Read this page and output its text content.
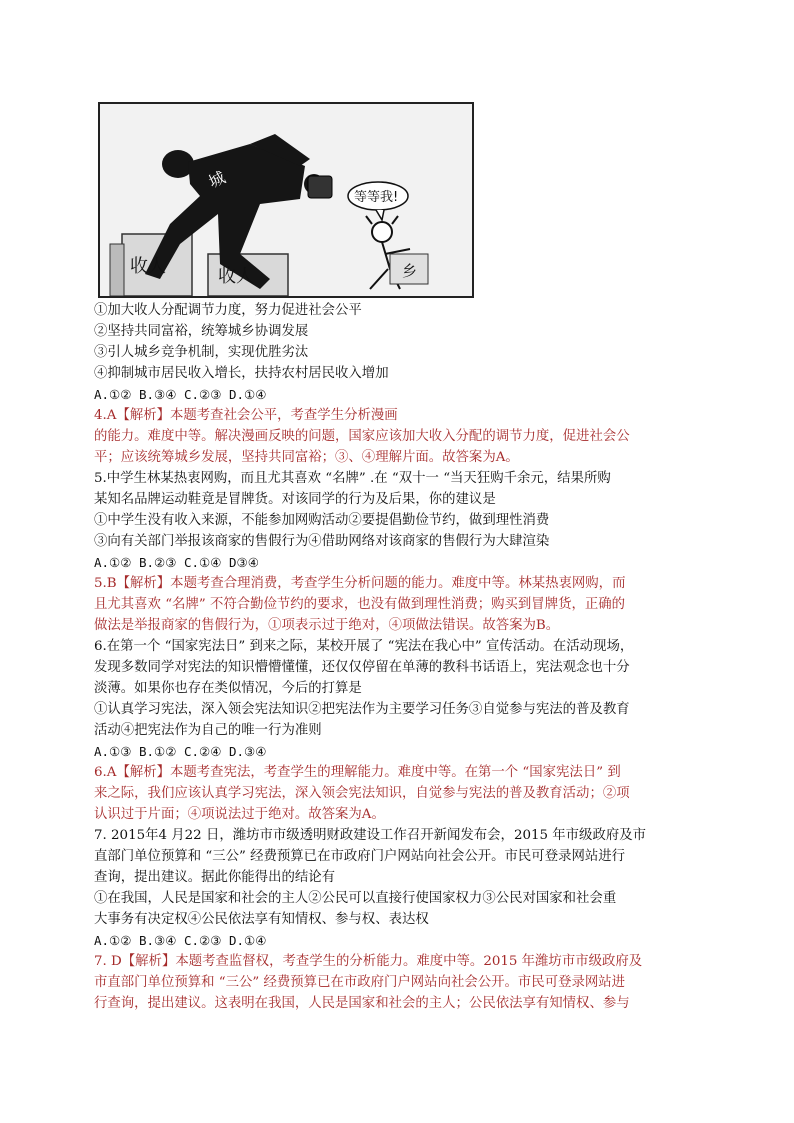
城
收人	收人
等等我!
乡
①加大收人分配调节力度，努力促进社会公平
②坚持共同富裕，统筹城乡协调发展
③引人城乡竞争机制，实现优胜劣汰
④抑制城市居民收入增长，扶持农村居民收入增加
A.①② B.③④ C.②③ D.①④
4.A【解析】本题考查社会公平，考查学生分析漫画
的能力。难度中等。解决漫画反映的问题，国家应该加大收入分配的调节力度，促进社会公
平；应该统筹城乡发展，坚持共同富裕；③、④理解片面。故答案为A。
5.中学生林某热衷网购，而且尤其喜欢 “名牌” .在 “双十一 “当天狂购千余元，结果所购
某知名品牌运动鞋竟是冒牌货。对该同学的行为及后果，你的建议是
①中学生没有收入来源，不能参加网购活动②要提倡勤俭节约，做到理性消费
③向有关部门举报该商家的售假行为④借助网络对该商家的售假行为大肆渲染
A.①② B.②③ C.①④ D③④
5.B【解析】本题考查合理消费，考查学生分析问题的能力。难度中等。林某热衷网购，而
且尤其喜欢 “名牌” 不符合勤俭节约的要求，也没有做到理性消费；购买到冒牌货，正确的
做法是举报商家的售假行为，①项表示过于绝对，④项做法错误。故答案为B。
6.在第一个 “国家宪法日” 到来之际，某校开展了 “宪法在我心中” 宣传活动。在活动现场，
发现多数同学对宪法的知识懵懵懂懂，还仅仅停留在单薄的教科书话语上，宪法观念也十分
淡薄。如果你也存在类似情况，今后的打算是
①认真学习宪法，深入领会宪法知识②把宪法作为主要学习任务③自觉参与宪法的普及教育
活动④把宪法作为自己的唯一行为准则
A.①③ B.①② C.②④ D.③④
6.A【解析】本题考查宪法，考查学生的理解能力。难度中等。在第一个 “国家宪法日” 到
来之际，我们应该认真学习宪法，深入领会宪法知识，自觉参与宪法的普及教育活动；②项
认识过于片面；④项说法过于绝对。故答案为A。
7. 2015年4 月22 日，潍坊市市级透明财政建设工作召开新闻发布会，2015 年市级政府及市
直部门单位预算和 “三公” 经费预算已在市政府门户网站向社会公开。市民可登录网站进行
查询，提出建议。据此你能得出的结论有
①在我国，人民是国家和社会的主人②公民可以直接行使国家权力③公民对国家和社会重
大事务有决定权④公民依法享有知情权、参与权、表达权
A.①② B.③④ C.②③ D.①④
7. D【解析】本题考查监督权，考查学生的分析能力。难度中等。2015 年潍坊市市级政府及
市直部门单位预算和 “三公” 经费预算已在市政府门户网站向社会公开。市民可登录网站进
行查询，提出建议。这表明在我国，人民是国家和社会的主人；公民依法享有知情权、参与
